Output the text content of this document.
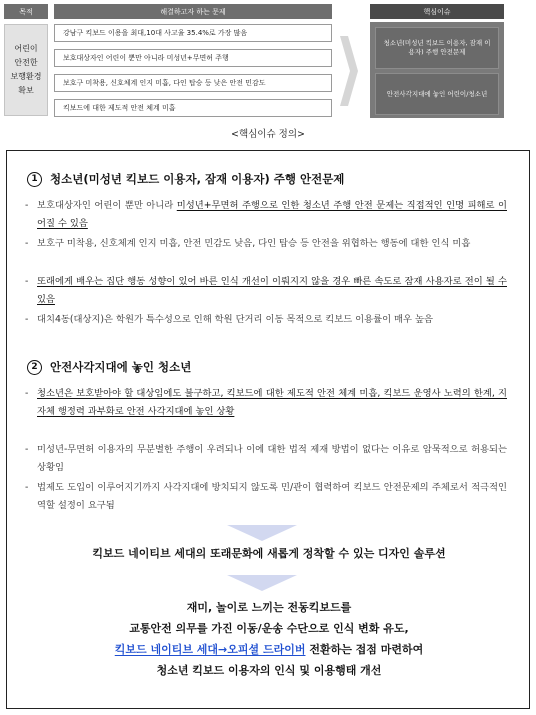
목적	해결하고자 하는 문제	핵심이슈
어린이
안전한
보행환경
확보
강남구 킥보드 이용을 최대,10대 사고율 35.4%로 가장 많음
보호대상자인 어린이 뿐만 아니라 미성년+무면허 주행
보호구 미착용, 신호체계 인지 미흡, 다인 탑승 등 낮은 안전 민감도
킥보드에 대한 제도적 안전 체계 미흡
청소년(미성년 킥보드 이용자, 잠재 이용자) 주행 안전문제
안전사각지대에 놓인 어린이/청소년
<핵심이슈 정의>
1	청소년(미성년 킥보드 이용자, 잠재 이용자) 주행 안전문제
- 보호대상자인 어린이 뿐만 아니라 미성년+무면허 주행으로 인한 청소년 주행 안전 문제는 직접적인 인명 피해로 이어질 수 있음
- 보호구 미착용, 신호체계 인지 미흡, 안전 민감도 낮음, 다인 탑승 등 안전을 위협하는 행동에 대한 인식 미흡
- 또래에게 배우는 집단 행동 성향이 있어 바른 인식 개선이 이뤄지지 않을 경우 빠른 속도로 잠재 사용자로 전이 될 수 있음
- 대치4동(대상지)은 학원가 특수성으로 인해 학원 단거리 이동 목적으로 킥보드 이용률이 매우 높음
2	안전사각지대에 놓인 청소년
- 청소년은 보호받아야 할 대상임에도 불구하고, 킥보드에 대한 제도적 안전 체계 미흡, 킥보드 운영사 노력의 한계, 지자체 행정력 과부화로 안전 사각지대에 놓인 상황
- 미성년-무면허 이용자의 무분별한 주행이 우려되나 이에 대한 법적 제재 방법이 없다는 이유로 암묵적으로 허용되는 상황임
- 법제도 도입이 이루어지기까지 사각지대에 방치되지 않도록 민/관이 협력하여 킥보드 안전문제의 주체로서 적극적인 역할 설정이 요구됨
킥보드 네이티브 세대의 또래문화에 새롭게 정착할 수 있는 디자인 솔루션
재미, 놀이로 느끼는 전동킥보드를
교통안전 의무를 가진 이동/운송 수단으로 인식 변화 유도,
킥보드 네이티브 세대→오피셜 드라이버 전환하는 접점 마련하여
청소년 킥보드 이용자의 인식 및 이용행태 개선
